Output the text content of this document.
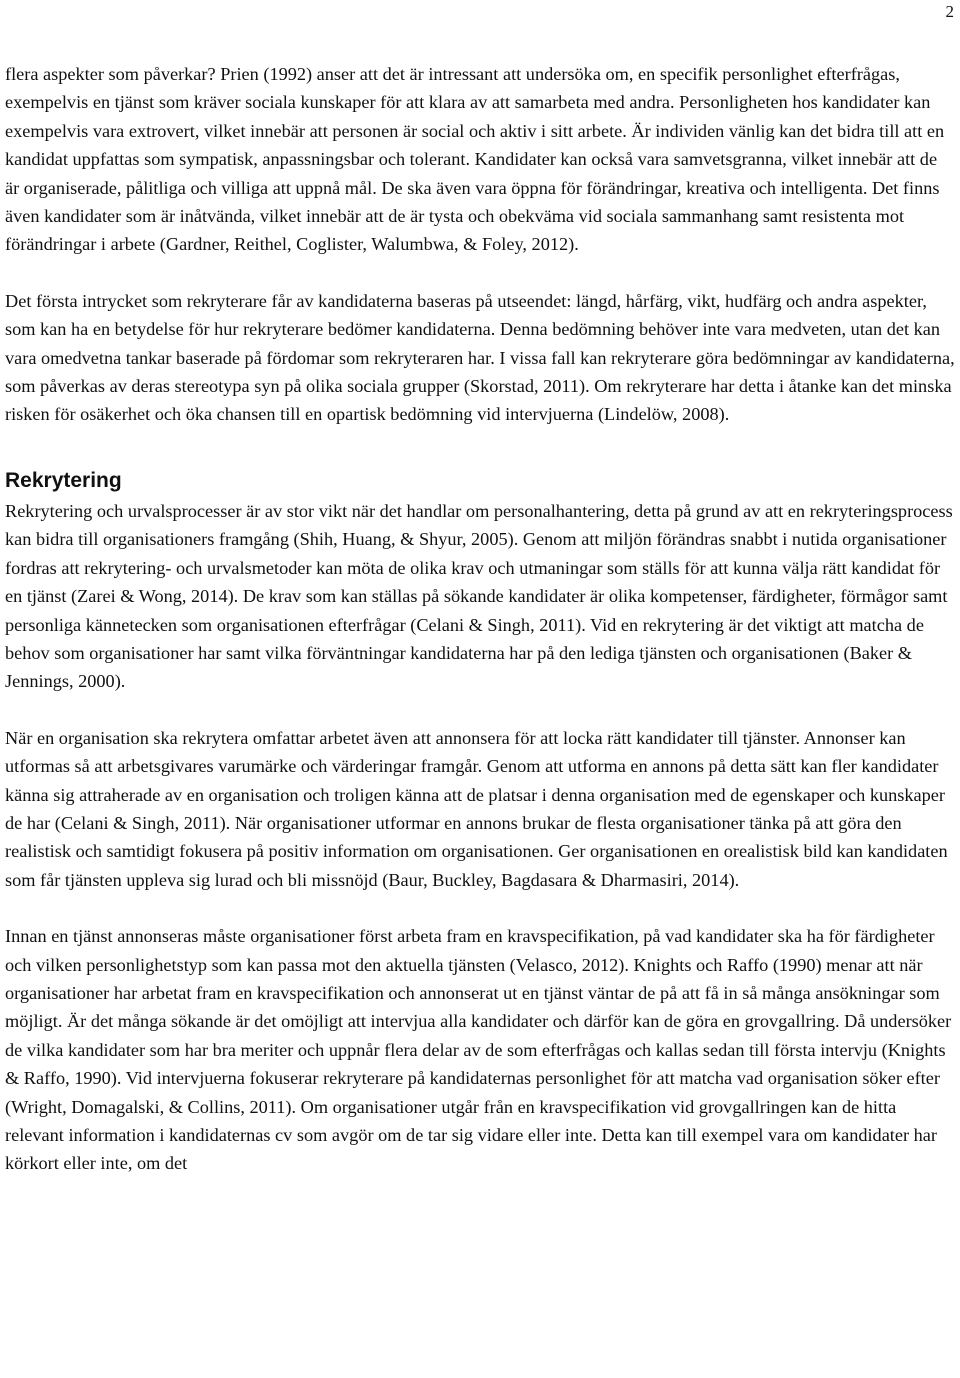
2

flera aspekter som påverkar? Prien (1992) anser att det är intressant att undersöka om, en specifik personlighet efterfrågas, exempelvis en tjänst som kräver sociala kunskaper för att klara av att samarbeta med andra. Personligheten hos kandidater kan exempelvis vara extrovert, vilket innebär att personen är social och aktiv i sitt arbete. Är individen vänlig kan det bidra till att en kandidat uppfattas som sympatisk, anpassningsbar och tolerant. Kandidater kan också vara samvetsgranna, vilket innebär att de är organiserade, pålitliga och villiga att uppnå mål. De ska även vara öppna för förändringar, kreativa och intelligenta. Det finns även kandidater som är inåtvända, vilket innebär att de är tysta och obekväma vid sociala sammanhang samt resistenta mot förändringar i arbete (Gardner, Reithel, Coglister, Walumbwa, & Foley, 2012).

Det första intrycket som rekryterare får av kandidaterna baseras på utseendet: längd, hårfärg, vikt, hudfärg och andra aspekter, som kan ha en betydelse för hur rekryterare bedömer kandidaterna. Denna bedömning behöver inte vara medveten, utan det kan vara omedvetna tankar baserade på fördomar som rekryteraren har. I vissa fall kan rekryterare göra bedömningar av kandidaterna, som påverkas av deras stereotypa syn på olika sociala grupper (Skorstad, 2011). Om rekryterare har detta i åtanke kan det minska risken för osäkerhet och öka chansen till en opartisk bedömning vid intervjuerna (Lindelöw, 2008).

Rekrytering

Rekrytering och urvalsprocesser är av stor vikt när det handlar om personalhantering, detta på grund av att en rekryteringsprocess kan bidra till organisationers framgång (Shih, Huang, & Shyur, 2005). Genom att miljön förändras snabbt i nutida organisationer fordras att rekrytering- och urvalsmetoder kan möta de olika krav och utmaningar som ställs för att kunna välja rätt kandidat för en tjänst (Zarei & Wong, 2014). De krav som kan ställas på sökande kandidater är olika kompetenser, färdigheter, förmågor samt personliga kännetecken som organisationen efterfrågar (Celani & Singh, 2011). Vid en rekrytering är det viktigt att matcha de behov som organisationer har samt vilka förväntningar kandidaterna har på den lediga tjänsten och organisationen (Baker & Jennings, 2000).

När en organisation ska rekrytera omfattar arbetet även att annonsera för att locka rätt kandidater till tjänster. Annonser kan utformas så att arbetsgivares varumärke och värderingar framgår. Genom att utforma en annons på detta sätt kan fler kandidater känna sig attraherade av en organisation och troligen känna att de platsar i denna organisation med de egenskaper och kunskaper de har (Celani & Singh, 2011). När organisationer utformar en annons brukar de flesta organisationer tänka på att göra den realistisk och samtidigt fokusera på positiv information om organisationen. Ger organisationen en orealistisk bild kan kandidaten som får tjänsten uppleva sig lurad och bli missnöjd (Baur, Buckley, Bagdasara & Dharmasiri, 2014).

Innan en tjänst annonseras måste organisationer först arbeta fram en kravspecifikation, på vad kandidater ska ha för färdigheter och vilken personlighetstyp som kan passa mot den aktuella tjänsten (Velasco, 2012). Knights och Raffo (1990) menar att när organisationer har arbetat fram en kravspecifikation och annonserat ut en tjänst väntar de på att få in så många ansökningar som möjligt. Är det många sökande är det omöjligt att intervjua alla kandidater och därför kan de göra en grovgallring. Då undersöker de vilka kandidater som har bra meriter och uppnår flera delar av de som efterfrågas och kallas sedan till första intervju (Knights & Raffo, 1990). Vid intervjuerna fokuserar rekryterare på kandidaternas personlighet för att matcha vad organisation söker efter (Wright, Domagalski, & Collins, 2011). Om organisationer utgår från en kravspecifikation vid grovgallringen kan de hitta relevant information i kandidaternas cv som avgör om de tar sig vidare eller inte. Detta kan till exempel vara om kandidater har körkort eller inte, om det
